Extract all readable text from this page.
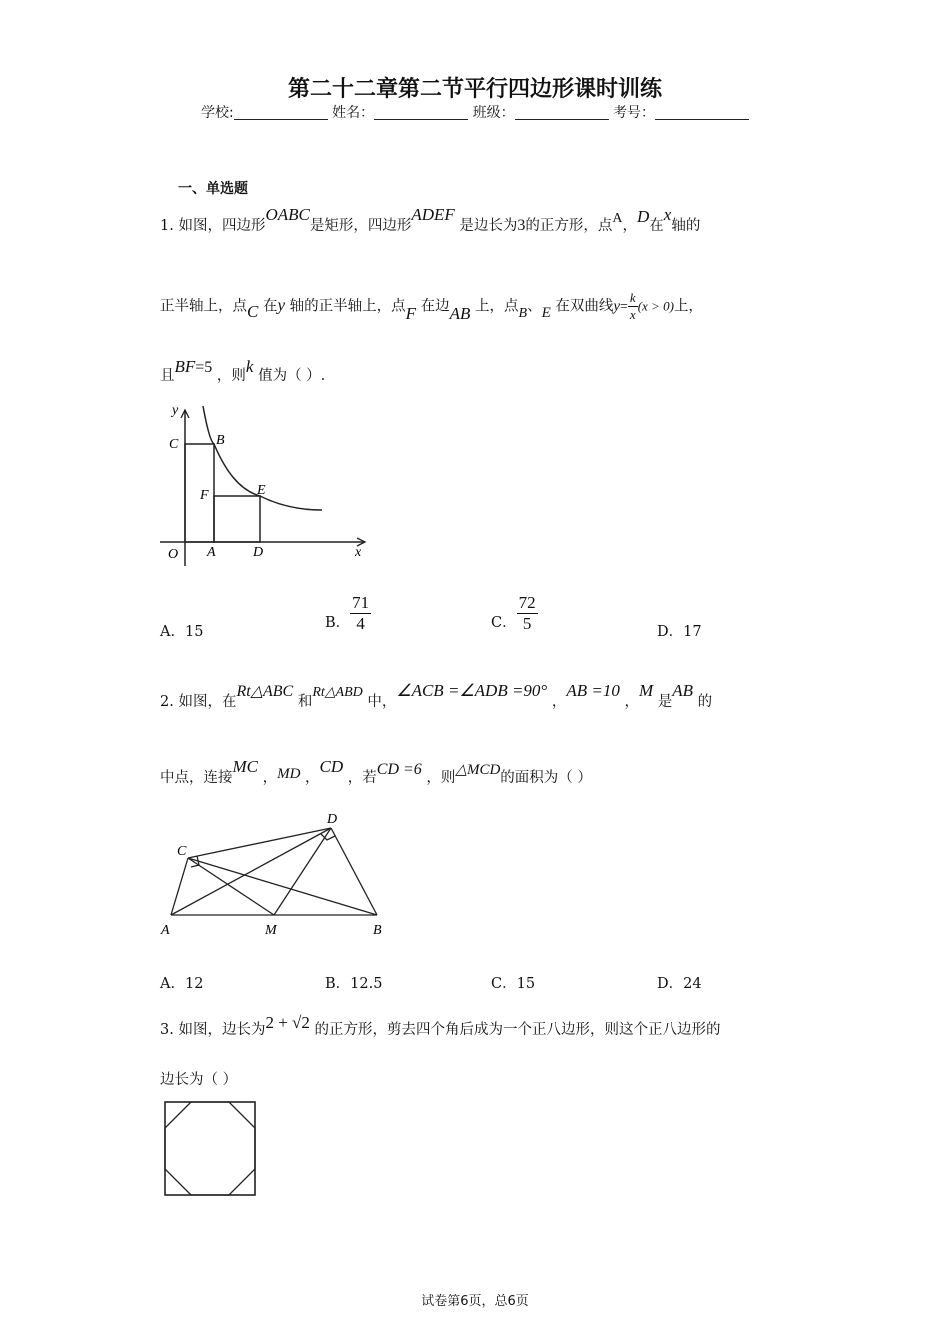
第二十二章第二节平行四边形课时训练
学校:	姓名：	班级：	考号：
一、单选题
1. 如图，四边形OABC是矩形，四边形ADEF 是边长为3的正方形，点A，D在x轴的
正半轴上，点C 在y 轴的正半轴上，点F 在边AB 上，点B、E 在双曲线$y= \frac{k}{x} (x > 0)$上，
且BF=5 ，则k 值为（ ）.
y
C	B
F	E
O A	D	x
A．15
B． $\frac{71}{4}$	C． $\frac{72}{5}$	D．17
2. 如图，在Rt△ABC 和Rt△ABD 中，∠ACB =∠ADB =90° ，AB =10 ，M 是AB 的
中点，连接MC ，MD ，CD ，若CD =6 ，则△MCD的面积为（ ）
C
D
A	M	B
A．12	B．12.5	C．15	D．24
3. 如图，边长为2 + √2 的正方形，剪去四个角后成为一个正八边形，则这个正八边形的
边长为（ ）
试卷第6页，总6页
